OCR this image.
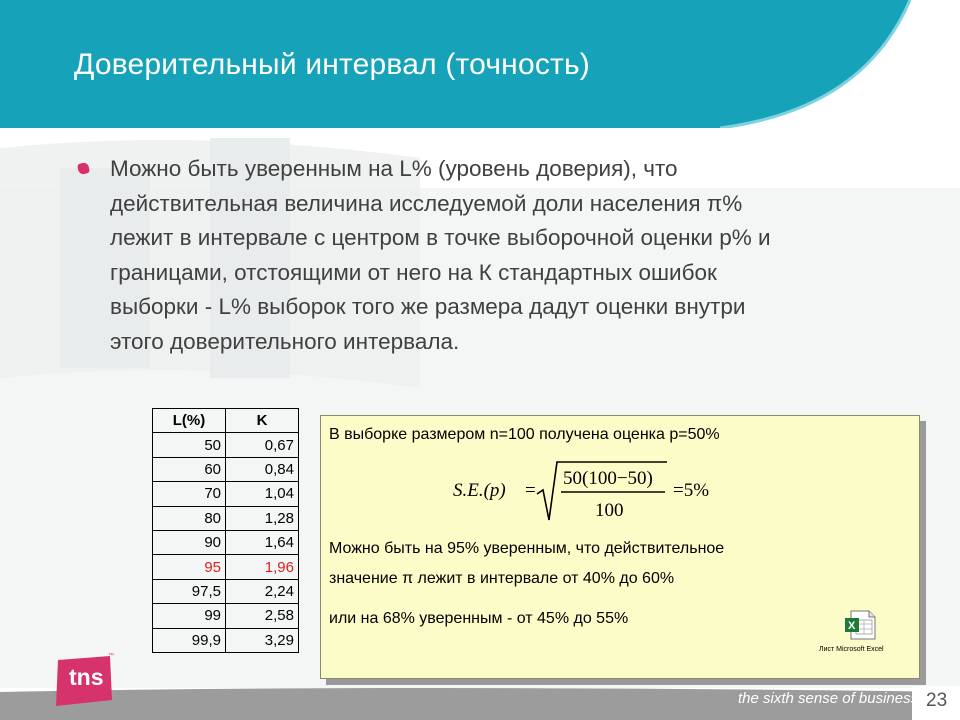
Доверительный интервал (точность)
Можно быть уверенным на L% (уровень доверия), что
действительная величина исследуемой доли населения π%
лежит в интервале с центром в точке выборочной оценки p% и
границами, отстоящими от него на К стандартных ошибок
выборки - L% выборок того же размера дадут оценки внутри
этого доверительного интервала.
L(%)	K
50	0,67
60	0,84
70	1,04
80	1,28
90	1,64
95	1,96
97,5	2,24
99	2,58
99,9	3,29
В выборке размером n=100 получена оценка p=50%
S.E.(p) =
50(100−50)
100
=5%
Можно быть на 95% уверенным, что действительное
значение π лежит в интервале от 40% до 60%
или на 68% уверенным - от 45% до 55%	X
Лист Microsoft Excel
the sixth sense of business™ 23
tns
™
